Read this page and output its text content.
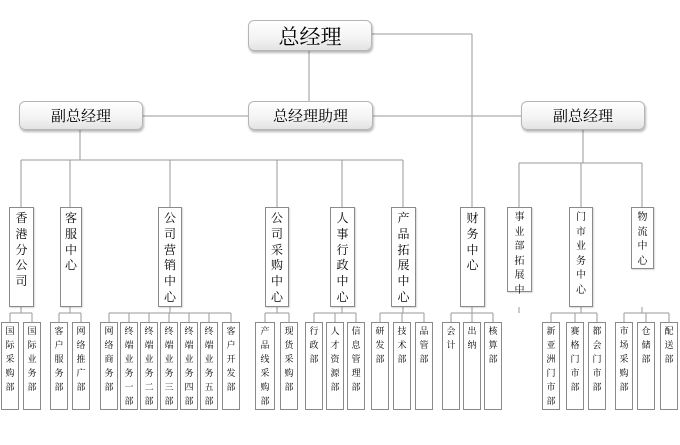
总经理
副总经理	总经理助理	副总经理
香
港
分
公
司
客
服
中
心
公
司
营
销
中
心
公
司
采
购
中
心
人
事
行
政
中
心
产
品
拓
展
中
心
财
务
中
心
事
业
部
拓
展
中
门
市
业
务
中
心
物
流
中
心
国
际
采
购
部
国
际
业
务
部
客
户
服
务
部
网
络
推
广
部
网
络
商
务
部
终
端
业
务
一
部
终
端
业
务
二
部
终
端
业
务
三
部
终
端
业
务
四
部
终
端
业
务
五
部
客
户
开
发
部
产
品
线
采
购
部
现
货
采
购
部
行
政
部
人
才
资
源
部
信
息
管
理
部
研
发
部
技
术
部
品
管
部
会
计
出
纳
核
算
部
新
亚
洲
门
市
部
赛
格
门
市
部
都
会
门
市
部
市
场
采
购
部
仓
储
部
配
送
部
